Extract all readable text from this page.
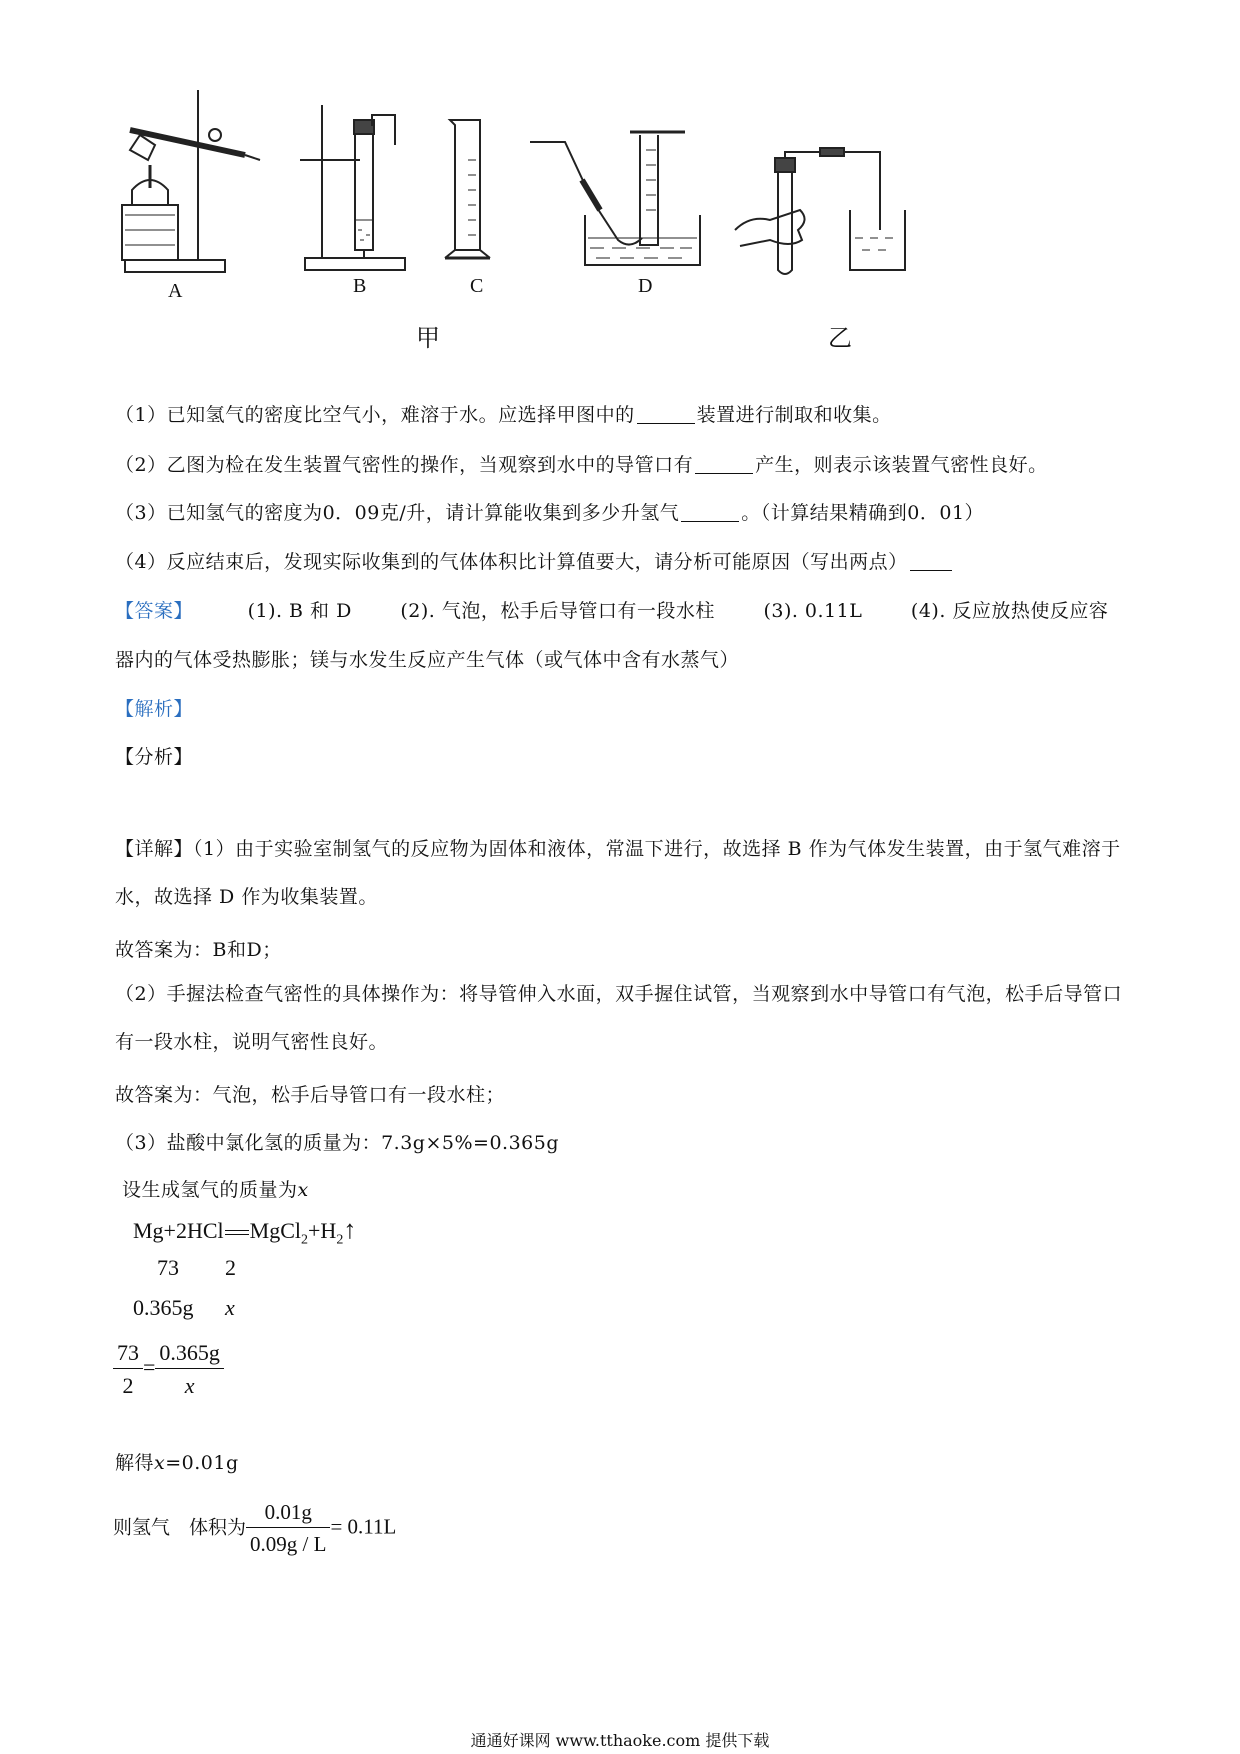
A	B	C	D
甲	乙
（1）已知氢气的密度比空气小，难溶于水。应选择甲图中的	装置进行制取和收集。
（2）乙图为检在发生装置气密性的操作，当观察到水中的导管口有	产生，则表示该装置气密性良好。
（3）已知氢气的密度为0．09克/升，请计算能收集到多少升氢气	。（计算结果精确到0．01）
（4）反应结束后，发现实际收集到的气体体积比计算值要大，请分析可能原因（写出两点）
【答案】	(1). B 和 D	(2). 气泡，松手后导管口有一段水柱	(3). 0.11L	(4). 反应放热使反应容
器内的气体受热膨胀；镁与水发生反应产生气体（或气体中含有水蒸气）
【解析】
【分析】
【详解】（1）由于实验室制氢气的反应物为固体和液体，常温下进行，故选择 B 作为气体发生装置，由于氢气难溶于水，故选择 D 作为收集装置。
故答案为：B和D；
（2）手握法检查气密性的具体操作为：将导管伸入水面，双手握住试管，当观察到水中导管口有气泡，松手后导管口有一段水柱，说明气密性良好。
故答案为：气泡，松手后导管口有一段水柱；
（3）盐酸中氯化氢的质量为：7.3g×5%=0.365g
设生成氢气的质量为x
Mg+2HCl $MgCl_2+H_2↑$
73 2
0.365g x
$\frac{73}{2} = \frac{0.365g}{x}$
解得x=0.01g
则氢气　体积为 $\frac{0.01g}{0.09g / L} = 0.11L$
通通好课网 www.tthaoke.com 提供下载
